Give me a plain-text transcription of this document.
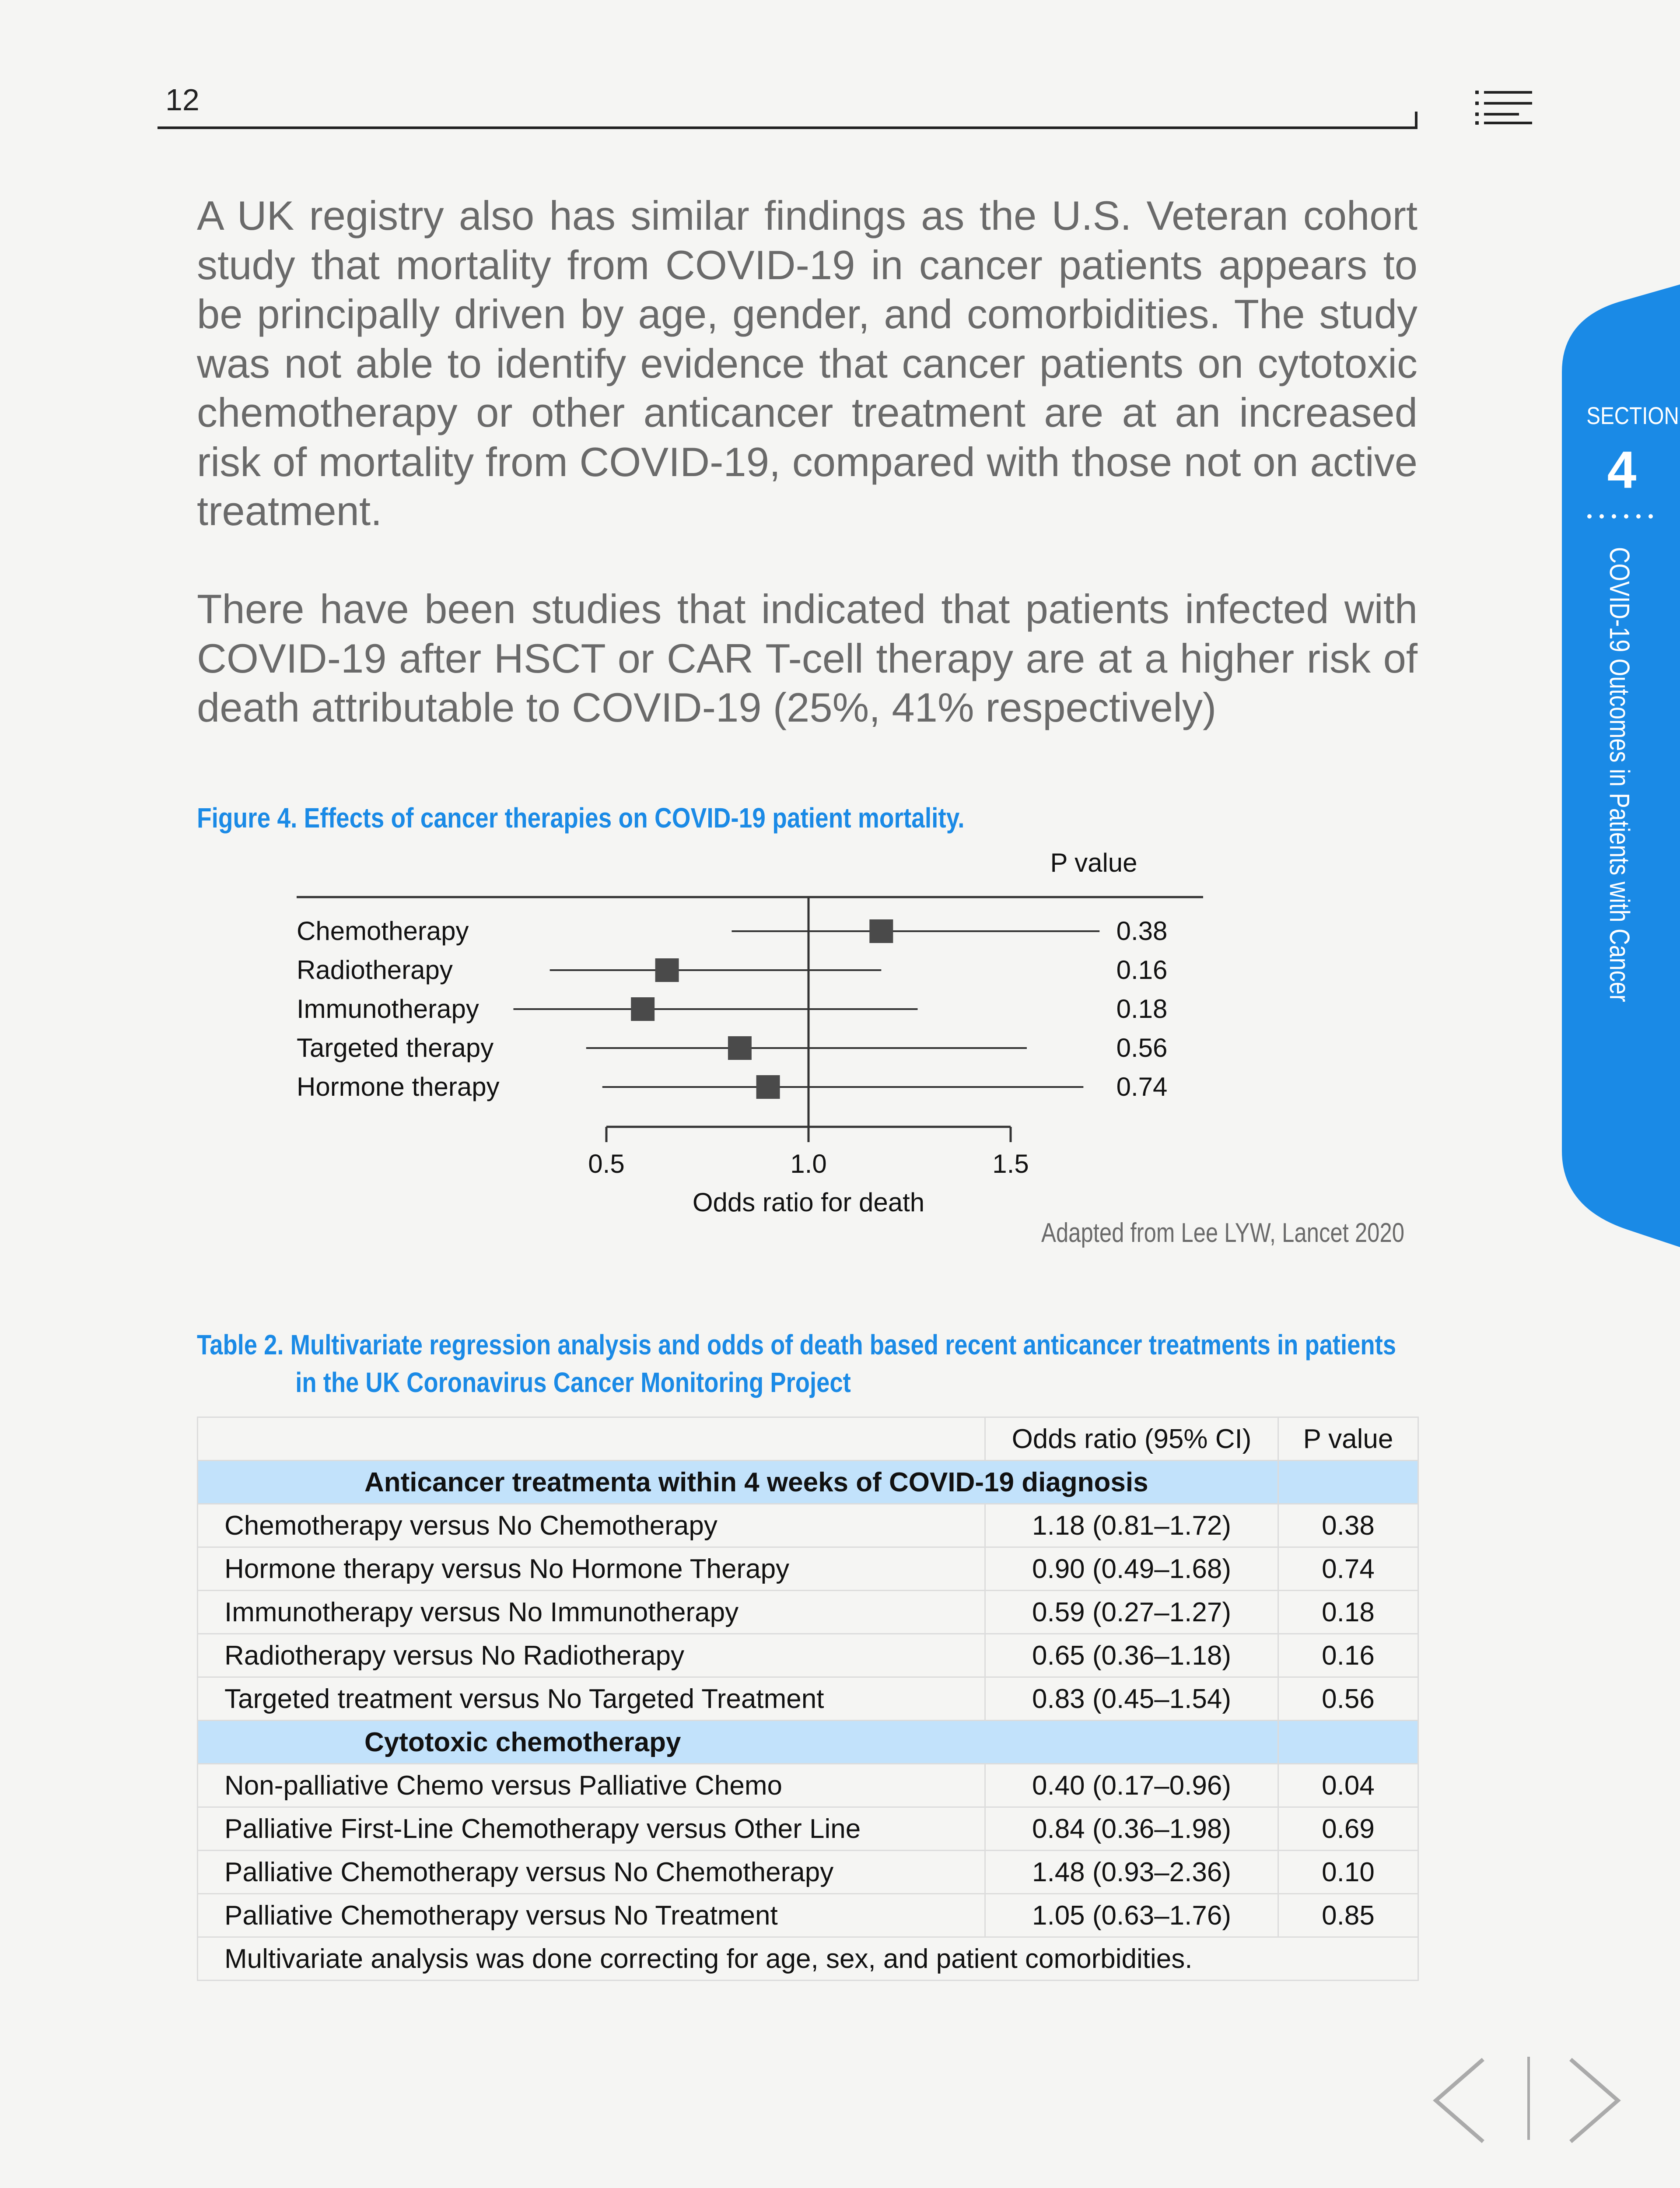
12
A UK registry also has similar findings as the U.S. Veteran cohort study that mortality from COVID-19 in cancer patients appears to be principally driven by age, gender, and comorbidities. The study was not able to identify evidence that cancer patients on cytotoxic chemotherapy or other anticancer treatment are at an increased risk of mortality from COVID-19, compared with those not on active treatment.
There have been studies that indicated that patients infected with COVID-19 after HSCT or CAR T-cell therapy are at a higher risk of death attributable to COVID-19 (25%, 41% respectively)
Figure 4. Effects of cancer therapies on COVID-19 patient mortality.
P value
Chemotherapy	0.38
Radiotherapy	0.16
Immunotherapy	0.18
Targeted therapy	0.56
Hormone therapy	0.74
0.5	1.0	1.5
Odds ratio for death
Adapted from Lee LYW, Lancet 2020
Table 2. Multivariate regression analysis and odds of death based recent anticancer treatments in patients
in the UK Coronavirus Cancer Monitoring Project
	Odds ratio (95% CI)	P value
Anticancer treatmenta within 4 weeks of COVID-19 diagnosis		
Chemotherapy versus No Chemotherapy	1.18 (0.81–1.72)	0.38
Hormone therapy versus No Hormone Therapy	0.90 (0.49–1.68)	0.74
Immunotherapy versus No Immunotherapy	0.59 (0.27–1.27)	0.18
Radiotherapy versus No Radiotherapy	0.65 (0.36–1.18)	0.16
Targeted treatment versus No Targeted Treatment	0.83 (0.45–1.54)	0.56
Cytotoxic chemotherapy		
Non-palliative Chemo versus Palliative Chemo	0.40 (0.17–0.96)	0.04
Palliative First-Line Chemotherapy versus Other Line	0.84 (0.36–1.98)	0.69
Palliative Chemotherapy versus No Chemotherapy	1.48 (0.93–2.36)	0.10
Palliative Chemotherapy versus No Treatment	1.05 (0.63–1.76)	0.85
Multivariate analysis was done correcting for age, sex, and patient comorbidities.		
SECTION
4
COVID-19 Outcomes in Patients with Cancer
